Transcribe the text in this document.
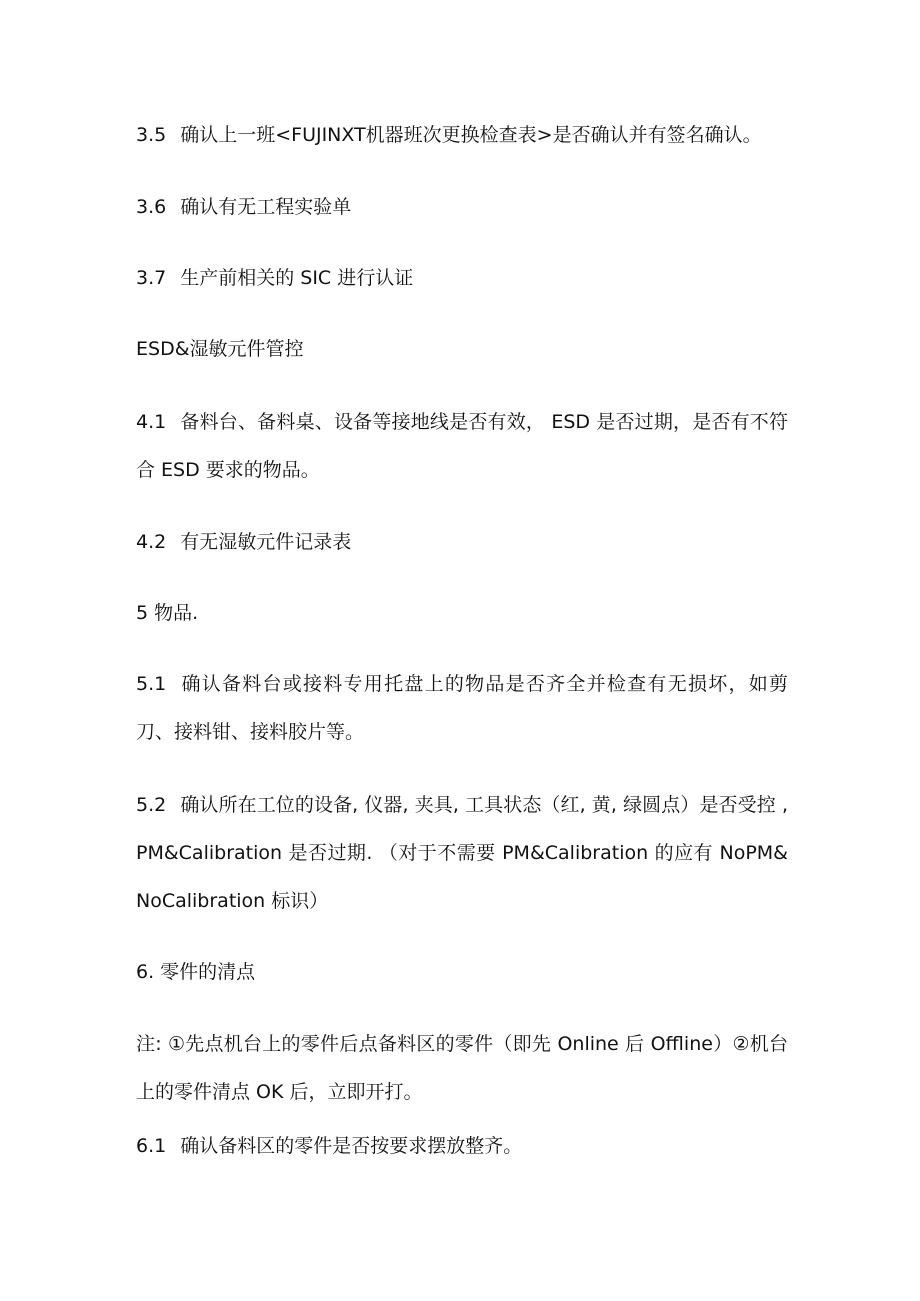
3.5 确认上一班<FUJINXT机器班次更换检查表>是否确认并有签名确认。

3.6 确认有无工程实验单

3.7 生产前相关的 SIC 进行认证

ESD&湿敏元件管控

4.1 备料台、备料桌、设备等接地线是否有效， ESD 是否过期，是否有不符合 ESD 要求的物品。

4.2 有无湿敏元件记录表

5 物品.

5.1 确认备料台或接料专用托盘上的物品是否齐全并检查有无损坏，如剪刀、接料钳、接料胶片等。

5.2 确认所在工位的设备, 仪器, 夹具, 工具状态（红, 黄, 绿圆点）是否受控 ,PM&Calibration 是否过期. （对于不需要 PM&Calibration 的应有 NoPM&NoCalibration 标识）

6. 零件的清点

注: ①先点机台上的零件后点备料区的零件（即先 Online 后 Offline）②机台上的零件清点 OK 后，立即开打。

6.1 确认备料区的零件是否按要求摆放整齐。
